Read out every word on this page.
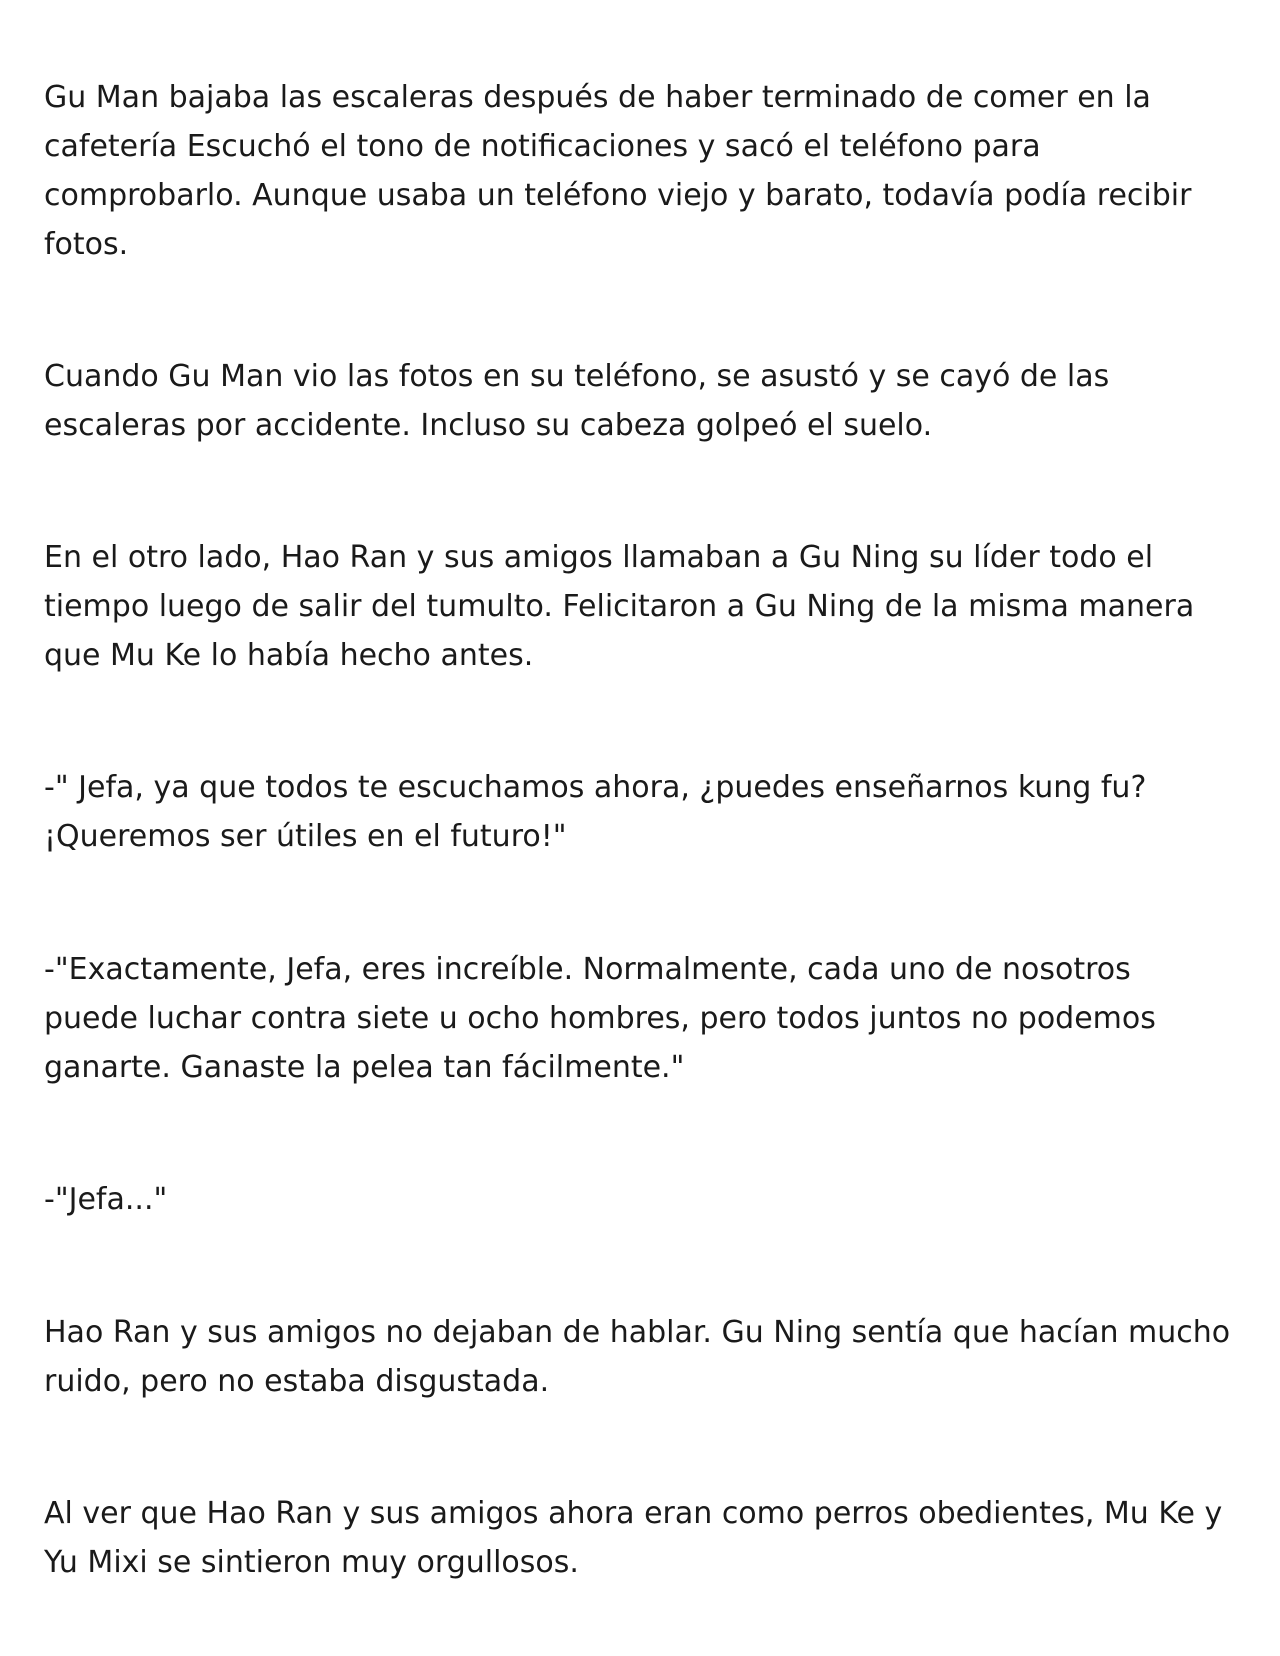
Gu Man bajaba las escaleras después de haber terminado de comer en la
cafetería Escuchó el tono de notificaciones y sacó el teléfono para
comprobarlo. Aunque usaba un teléfono viejo y barato, todavía podía recibir
fotos.

Cuando Gu Man vio las fotos en su teléfono, se asustó y se cayó de las
escaleras por accidente. Incluso su cabeza golpeó el suelo.

En el otro lado, Hao Ran y sus amigos llamaban a Gu Ning su líder todo el
tiempo luego de salir del tumulto. Felicitaron a Gu Ning de la misma manera
que Mu Ke lo había hecho antes.

-" Jefa, ya que todos te escuchamos ahora, ¿puedes enseñarnos kung fu?
¡Queremos ser útiles en el futuro!"

-"Exactamente, Jefa, eres increíble. Normalmente, cada uno de nosotros
puede luchar contra siete u ocho hombres, pero todos juntos no podemos
ganarte. Ganaste la pelea tan fácilmente."

-"Jefa..."

Hao Ran y sus amigos no dejaban de hablar. Gu Ning sentía que hacían mucho
ruido, pero no estaba disgustada.

Al ver que Hao Ran y sus amigos ahora eran como perros obedientes, Mu Ke y
Yu Mixi se sintieron muy orgullosos.
